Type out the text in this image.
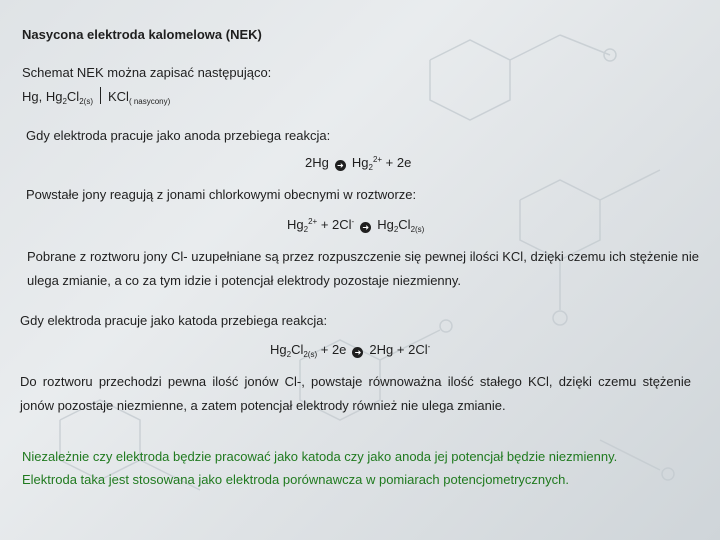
Nasycona elektroda kalomelowa (NEK)
Schemat NEK można zapisać następująco:
Hg, $Hg_2Cl_{2(s)}$ KCl$_{( nasycony)}$
Gdy elektroda pracuje jako anoda przebiega reakcja:
2Hg ➜ $Hg_2^{2+} + 2e$
Powstałe jony reagują z jonami chlorkowymi obecnymi w roztworze:
$Hg_2^{2+}$ + 2Cl-➜ $Hg_2Cl_{2(s)}$
Pobrane z roztworu jony Cl- uzupełniane są przez rozpuszczenie się pewnej ilości KCl, dzięki czemu ich stężenie nie ulega zmianie, a co za tym idzie i potencjał elektrody pozostaje niezmienny.
Gdy elektroda pracuje jako katoda przebiega reakcja:
$Hg_2Cl_{2(s)} + 2e$ ➜ 2Hg + 2Cl-
Do roztworu przechodzi pewna ilość jonów Cl-, powstaje równoważna ilość stałego KCl, dzięki czemu stężenie jonów pozostaje niezmienne, a zatem potencjał elektrody również nie ulega zmianie.
Niezależnie czy elektroda będzie pracować jako katoda czy jako anoda jej potencjał będzie niezmienny.
Elektroda taka jest stosowana jako elektroda porównawcza w pomiarach potencjometrycznych.
